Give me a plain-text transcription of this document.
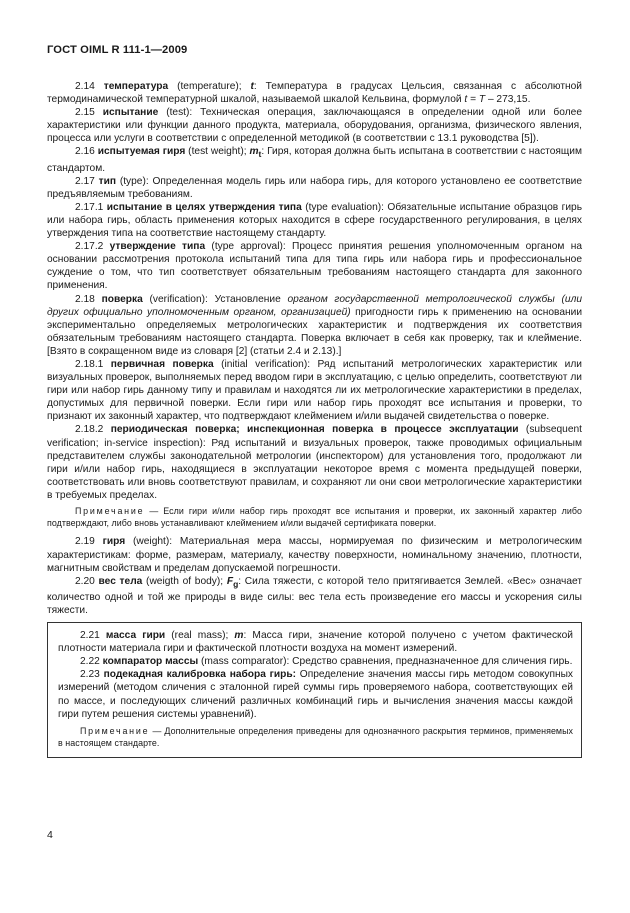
ГОСТ OIML R 111-1—2009

2.14 температура (temperature); t: Температура в градусах Цельсия, связанная с абсолютной термодинамической температурной шкалой, называемой шкалой Кельвина, формулой t = T – 273,15.

2.15 испытание (test): Техническая операция, заключающаяся в определении одной или более характеристики или функции данного продукта, материала, оборудования, организма, физического явления, процесса или услуги в соответствии с определенной методикой (в соответствии с 13.1 руководства [5]).

2.16 испытуемая гиря (test weight); $m_t$: Гиря, которая должна быть испытана в соответствии с настоящим стандартом.

2.17 тип (type): Определенная модель гирь или набора гирь, для которого установлено ее соответствие предъявляемым требованиям.

2.17.1 испытание в целях утверждения типа (type evaluation): Обязательные испытание образцов гирь или набора гирь, область применения которых находится в сфере государственного регулирования, в целях утверждения типа на соответствие настоящему стандарту.

2.17.2 утверждение типа (type approval): Процесс принятия решения уполномоченным органом на основании рассмотрения протокола испытаний типа для типа гирь или набора гирь и профессиональное суждение о том, что тип соответствует обязательным требованиям настоящего стандарта для законного применения.

2.18 поверка (verification): Установление органом государственной метрологической службы (или других официально уполномоченным органом, организацией) пригодности гирь к применению на основании экспериментально определяемых метрологических характеристик и подтверждения их соответствия обязательным требованиям настоящего стандарта. Поверка включает в себя как проверку, так и клеймение. [Взято в сокращенном виде из словаря [2] (статьи 2.4 и 2.13).]

2.18.1 первичная поверка (initial verification): Ряд испытаний метрологических характеристик или визуальных проверок, выполняемых перед вводом гири в эксплуатацию, с целью определить, соответствуют ли гири или набор гирь данному типу и правилам и находятся ли их метрологические характеристики в пределах, допустимых для первичной поверки. Если гири или набор гирь проходят все испытания и проверки, то признают их законный характер, что подтверждают клеймением и/или выдачей свидетельства о поверке.

2.18.2 периодическая поверка; инспекционная поверка в процессе эксплуатации (subsequent verification; in-service inspection): Ряд испытаний и визуальных проверок, также проводимых официальным представителем службы законодательной метрологии (инспектором) для установления того, продолжают ли гири и/или набор гирь, находящиеся в эксплуатации некоторое время с момента предыдущей поверки, соответствовать или вновь соответствуют правилам, и сохраняют ли они свои метрологические характеристики в требуемых пределах.

Примечание — Если гири и/или набор гирь проходят все испытания и проверки, их законный характер либо подтверждают, либо вновь устанавливают клеймением и/или выдачей сертификата поверки.

2.19 гиря (weight): Материальная мера массы, нормируемая по физическим и метрологическим характеристикам: форме, размерам, материалу, качеству поверхности, номинальному значению, плотности, магнитным свойствам и пределам допускаемой погрешности.

2.20 вес тела (weigth of body); $F_g$: Сила тяжести, с которой тело притягивается Землей. «Вес» означает количество одной и той же природы в виде силы: вес тела есть произведение его массы и ускорения силы тяжести.

2.21 масса гири (real mass); m: Масса гири, значение которой получено с учетом фактической плотности материала гири и фактической плотности воздуха на момент измерений.

2.22 компаратор массы (mass comparator): Средство сравнения, предназначенное для сличения гирь.

2.23 подекадная калибровка набора гирь: Определение значения массы гирь методом совокупных измерений (методом сличения с эталонной гирей суммы гирь проверяемого набора, соответствующих ей по массе, и последующих сличений различных комбинаций гирь и вычисления значения массы каждой гири путем решения системы уравнений).

Примечание — Дополнительные определения приведены для однозначного раскрытия терминов, применяемых в настоящем стандарте.

4
